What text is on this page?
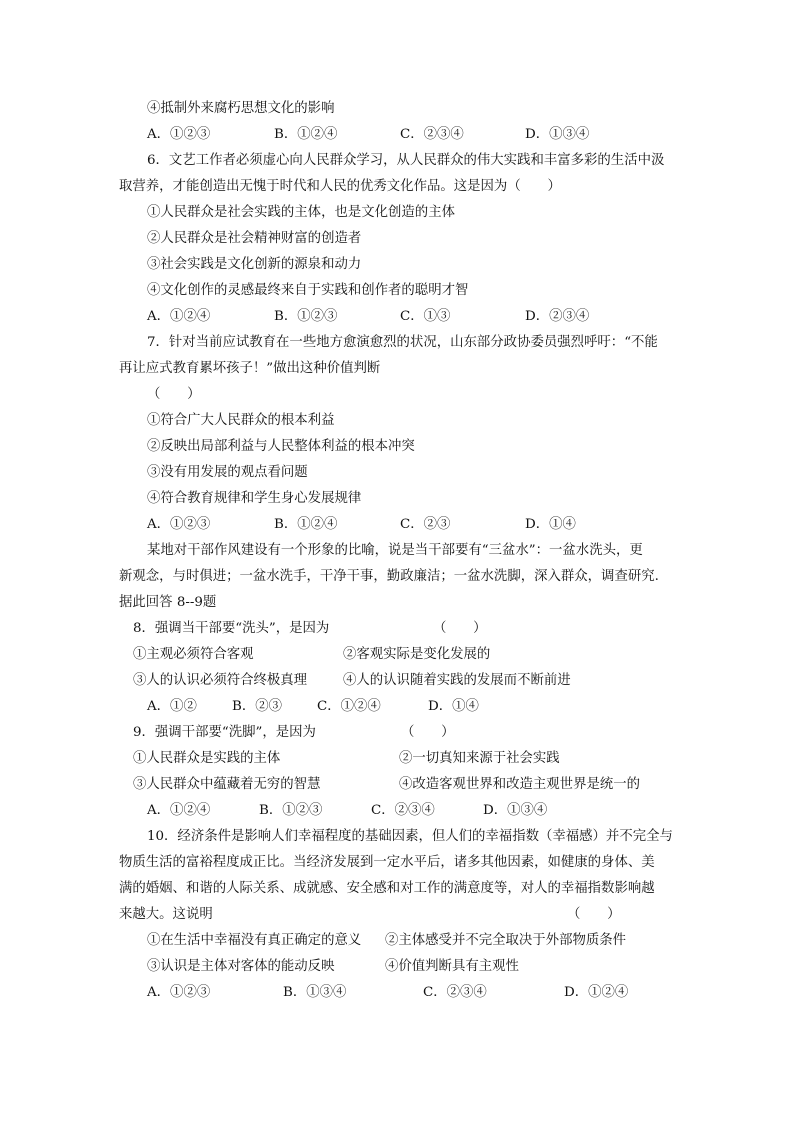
④抵制外来腐朽思想文化的影响
A．①②③	B．①②④	C．②③④	D．①③④
6．文艺工作者必须虚心向人民群众学习，从人民群众的伟大实践和丰富多彩的生活中汲
取营养，才能创造出无愧于时代和人民的优秀文化作品。这是因为（　　）
①人民群众是社会实践的主体，也是文化创造的主体
②人民群众是社会精神财富的创造者
③社会实践是文化创新的源泉和动力
④文化创作的灵感最终来自于实践和创作者的聪明才智
A．①②④	B．①②③	C．①③	D．②③④
7．针对当前应试教育在一些地方愈演愈烈的状况，山东部分政协委员强烈呼吁：“不能
再让应式教育累坏孩子！”做出这种价值判断
（　　）
①符合广大人民群众的根本利益
②反映出局部利益与人民整体利益的根本冲突
③没有用发展的观点看问题
④符合教育规律和学生身心发展规律
A．①②③	B．①②④	C．②③	D．①④
某地对干部作风建设有一个形象的比喻，说是当干部要有“三盆水”：一盆水洗头，更
新观念，与时俱进；一盆水洗手，干净干事，勤政廉洁；一盆水洗脚，深入群众，调查研究.
据此回答 8--9题
8．强调当干部要“洗头”，是因为	（　　）
①主观必须符合客观	②客观实际是变化发展的
③人的认识必须符合终极真理	④人的认识随着实践的发展而不断前进
A．①②	B．②③	C．①②④	D．①④
9．强调干部要“洗脚”，是因为	（　　）
①人民群众是实践的主体	②一切真知来源于社会实践
③人民群众中蕴藏着无穷的智慧	④改造客观世界和改造主观世界是统一的
A．①②④	B．①②③	C．②③④	D．①③④
10．经济条件是影响人们幸福程度的基础因素，但人们的幸福指数（幸福感）并不完全与
物质生活的富裕程度成正比。当经济发展到一定水平后，诸多其他因素，如健康的身体、美
满的婚姻、和谐的人际关系、成就感、安全感和对工作的满意度等，对人的幸福指数影响越
来越大。这说明	（　　）
①在生活中幸福没有真正确定的意义 ②主体感受并不完全取决于外部物质条件
③认识是主体对客体的能动反映	④价值判断具有主观性
A．①②③	B．①③④	C．②③④	D．①②④
